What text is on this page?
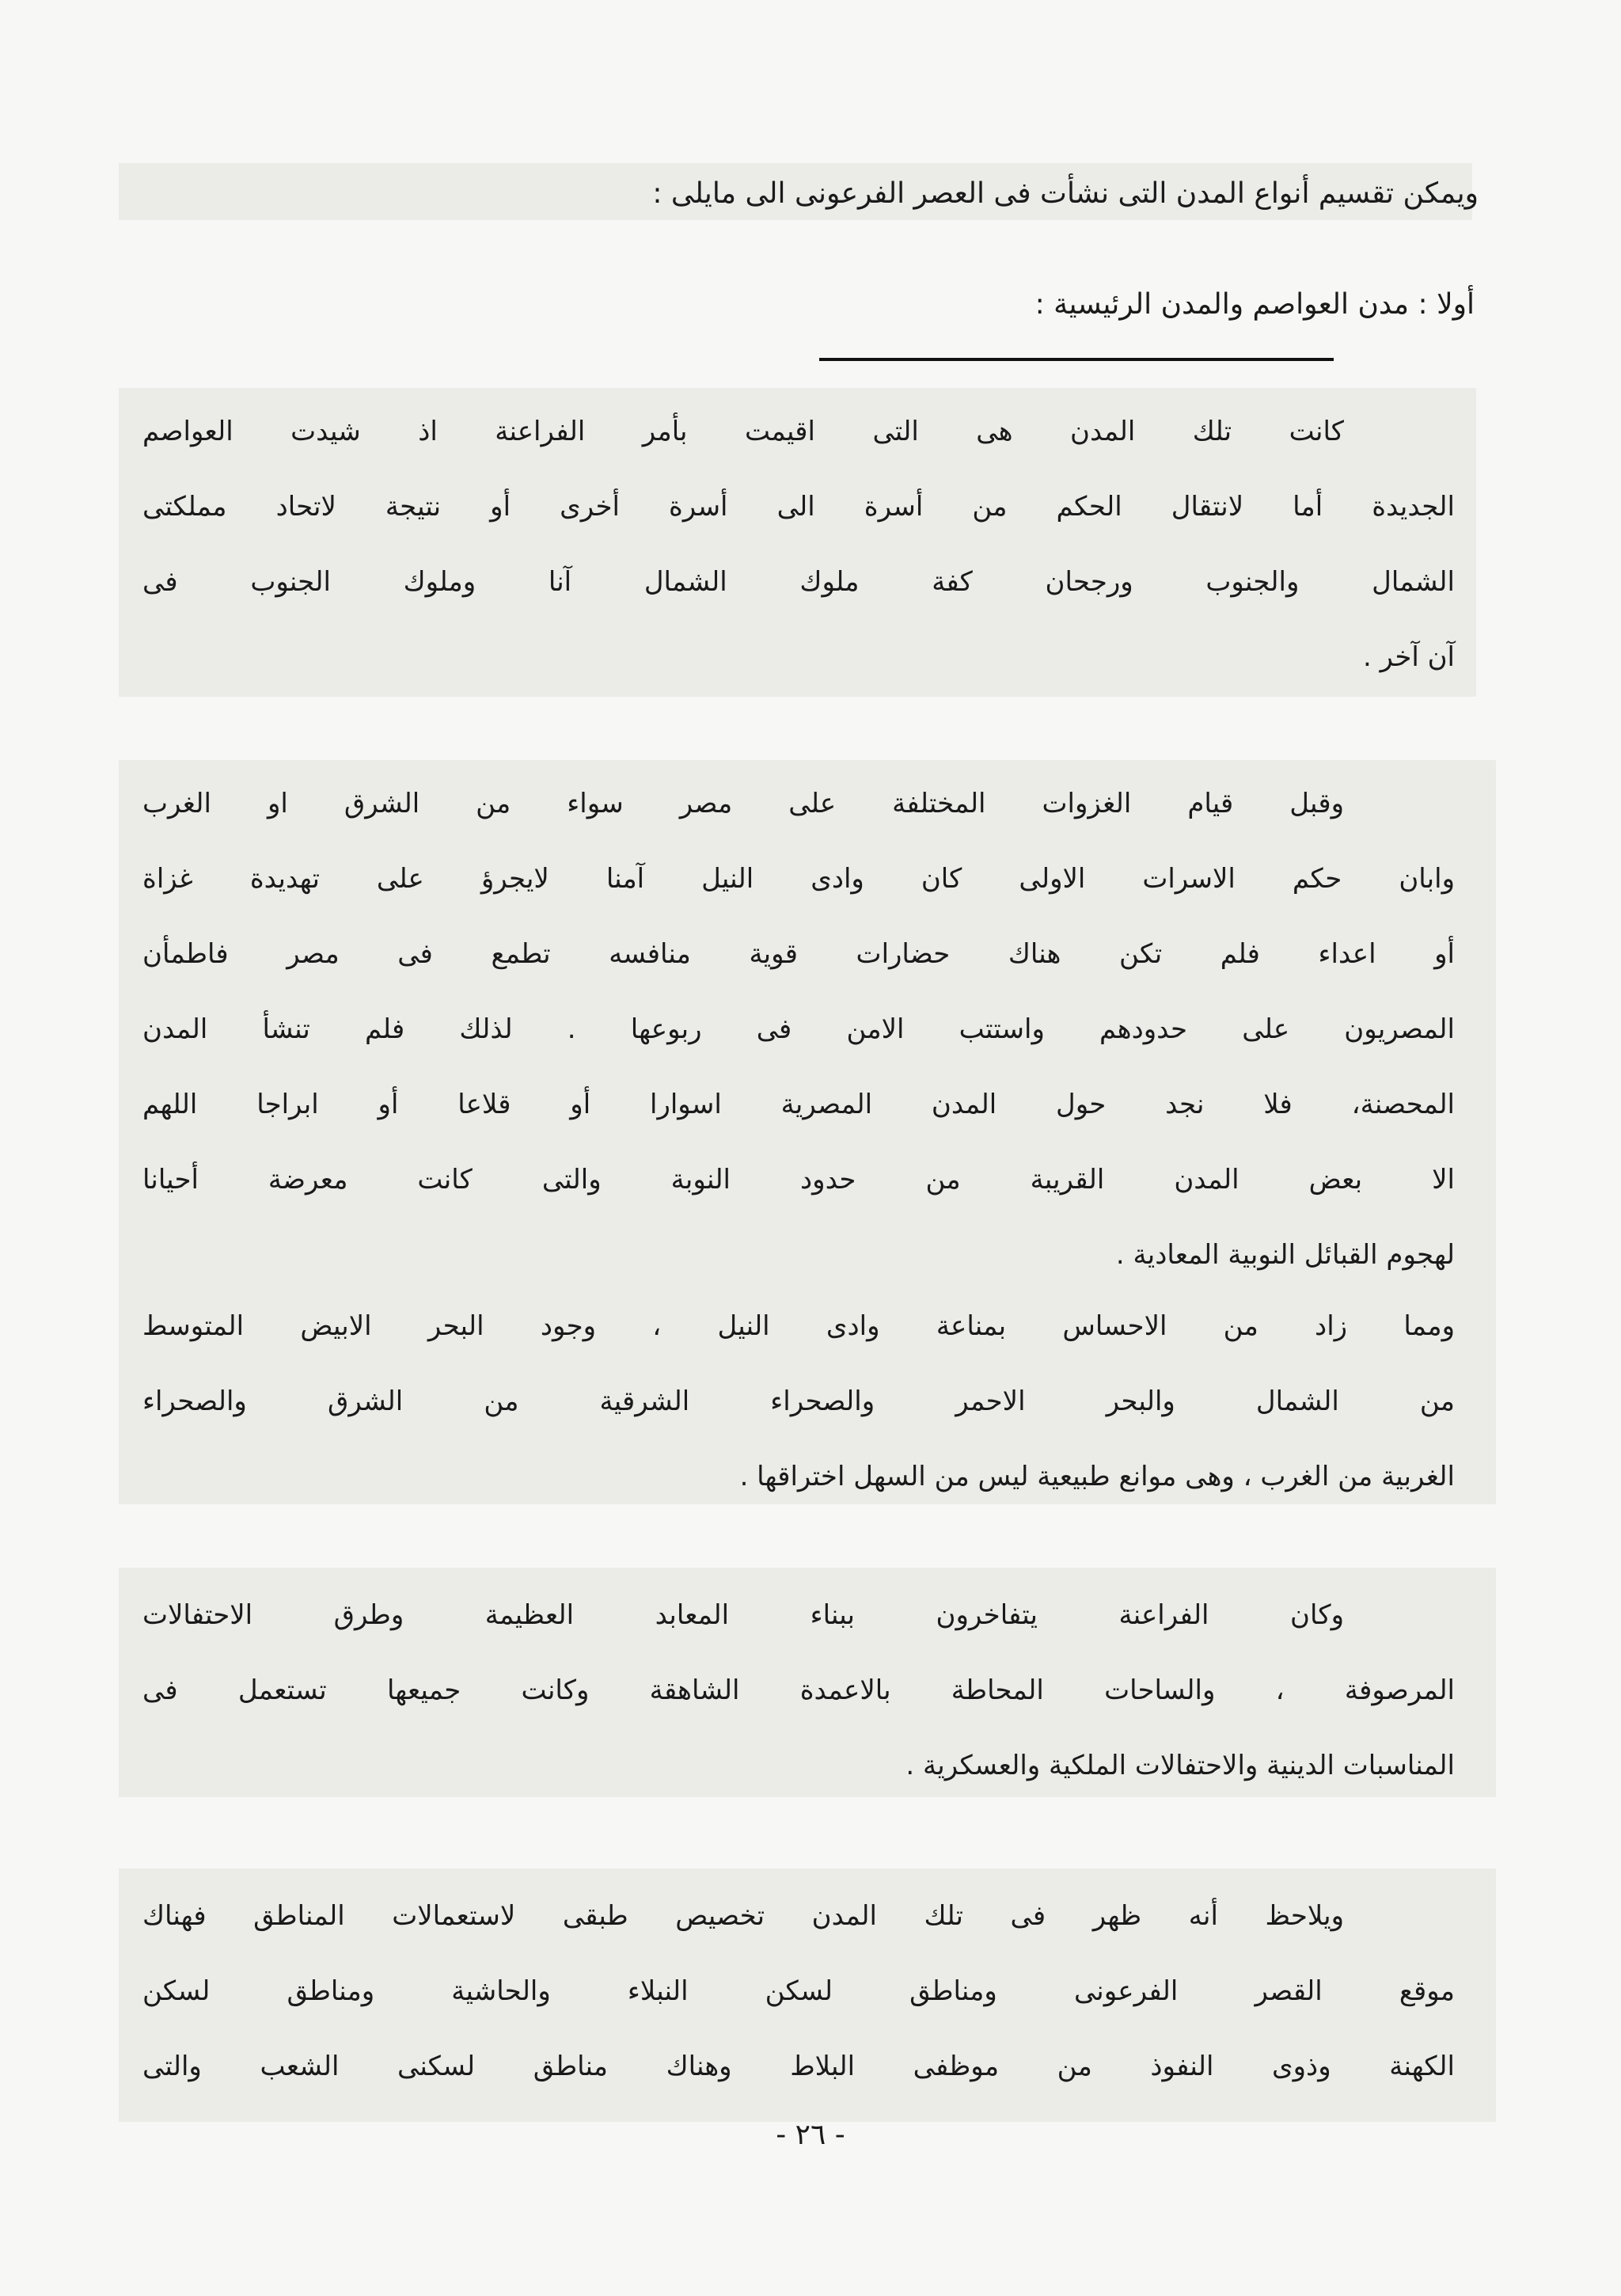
ويمكن تقسيم أنواع المدن التى نشأت فى العصر الفرعونى الى مايلى :
أولا : مدن العواصم والمدن الرئيسية :
كانت تلك المدن هى التى اقيمت بأمر الفراعنة اذ شيدت العواصم
الجديدة أما لانتقال الحكم من أسرة الى أسرة أخرى أو نتيجة لاتحاد مملكتى
الشمال والجنوب ورجحان كفة ملوك الشمال آنا وملوك الجنوب فى
آن آخر .
وقبل قيام الغزوات المختلفة على مصر سواء من الشرق او الغرب
وابان حكم الاسرات الاولى كان وادى النيل آمنا لايجرؤ على تهديدة غزاة
أو اعداء فلم تكن هناك حضارات قوية منافسه تطمع فى مصر فاطمأن
المصريون على حدودهم واستتب الامن فى ربوعها . لذلك فلم تنشأ المدن
المحصنة، فلا نجد حول المدن المصرية اسوارا أو قلاعا أو ابراجا اللهم
الا بعض المدن القريبة من حدود النوبة والتى كانت معرضة أحيانا
لهجوم القبائل النوبية المعادية .
ومما زاد من الاحساس بمناعة وادى النيل ، وجود البحر الابيض المتوسط
من الشمال والبحر الاحمر والصحراء الشرقية من الشرق والصحراء
الغربية من الغرب ، وهى موانع طبيعية ليس من السهل اختراقها .
وكان الفراعنة يتفاخرون ببناء المعابد العظيمة وطرق الاحتفالات
المرصوفة ، والساحات المحاطة بالاعمدة الشاهقة وكانت جميعها تستعمل فى
المناسبات الدينية والاحتفالات الملكية والعسكرية .
ويلاحظ أنه ظهر فى تلك المدن تخصيص طبقى لاستعمالات المناطق فهناك
موقع القصر الفرعونى ومناطق لسكن النبلاء والحاشية ومناطق لسكن
الكهنة وذوى النفوذ من موظفى البلاط وهناك مناطق لسكنى الشعب والتى
- ٢٦ -
